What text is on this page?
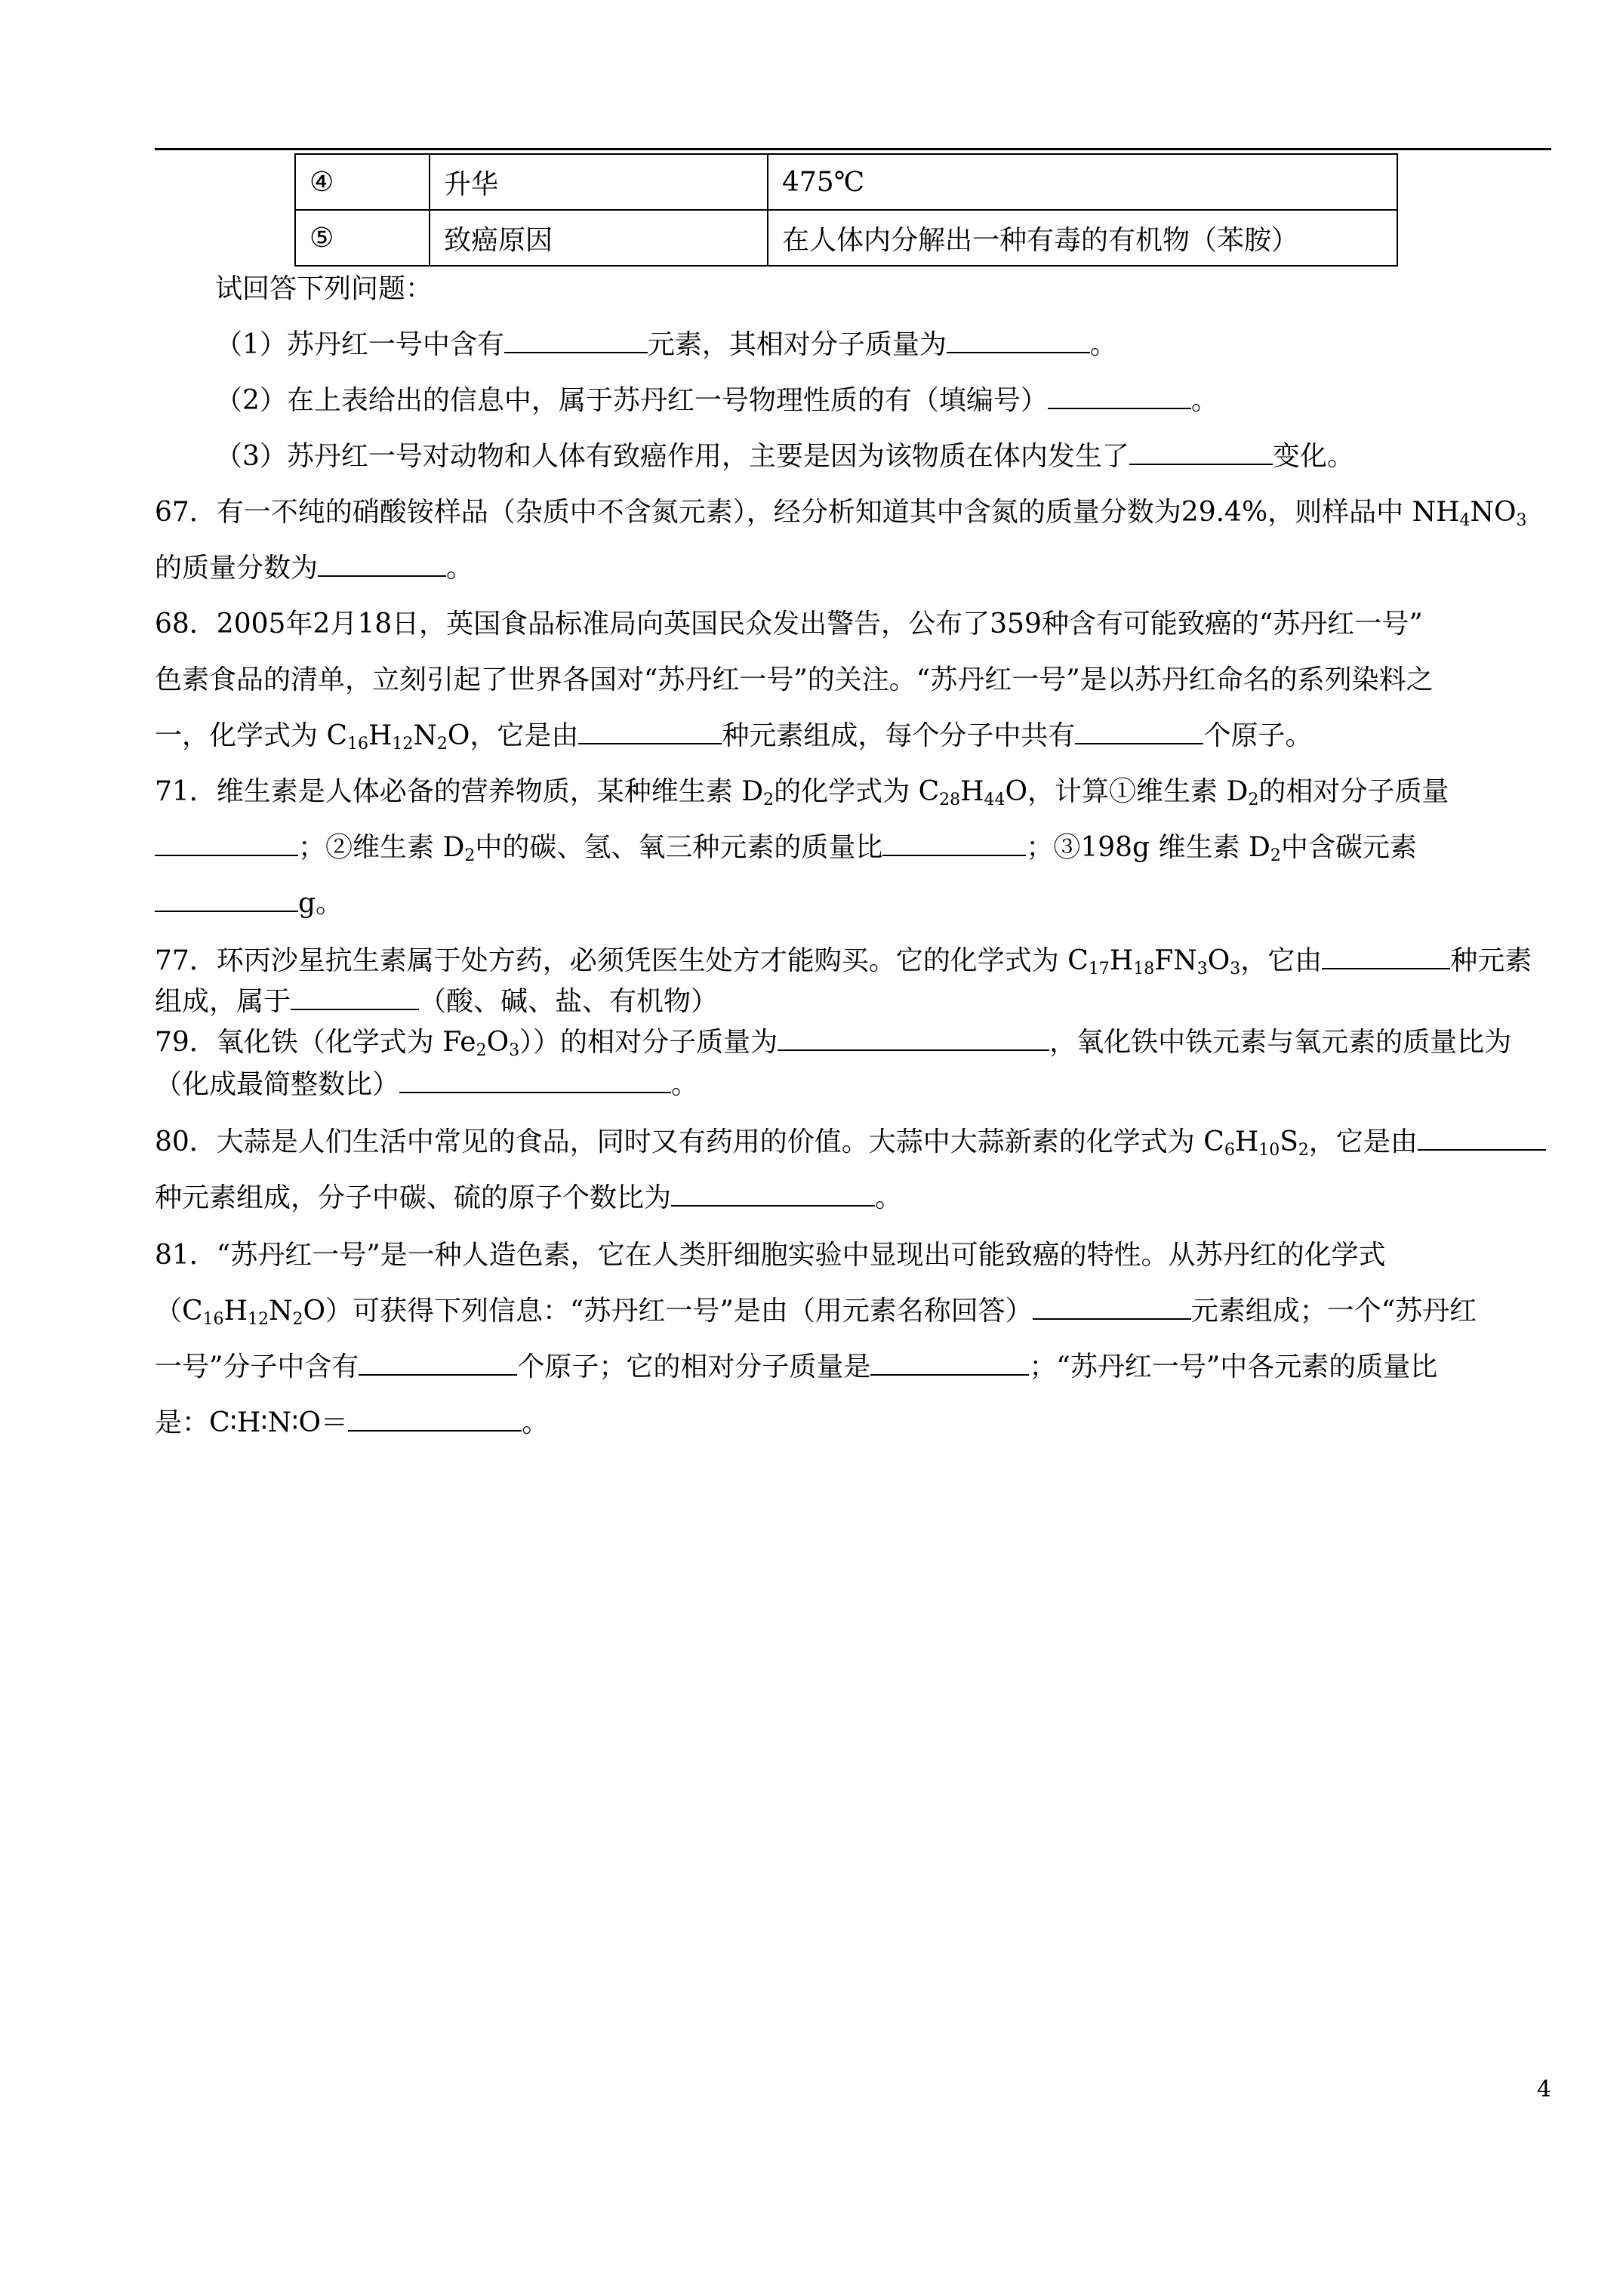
④	升华	475℃
⑤	致癌原因	在人体内分解出一种有毒的有机物（苯胺）
试回答下列问题：
（1）苏丹红一号中含有	元素，其相对分子质量为	。
（2）在上表给出的信息中，属于苏丹红一号物理性质的有（填编号）	。
（3）苏丹红一号对动物和人体有致癌作用，主要是因为该物质在体内发生了	变化。
67．有一不纯的硝酸铵样品（杂质中不含氮元素），经分析知道其中含氮的质量分数为29.4%，则样品中 $NH_4NO_3$
的质量分数为	。
68．2005年2月18日，英国食品标准局向英国民众发出警告，公布了359种含有可能致癌的“苏丹红一号”
色素食品的清单，立刻引起了世界各国对“苏丹红一号”的关注。“苏丹红一号”是以苏丹红命名的系列染料之
一，化学式为 $C_{16}H_{12}N_2O$，它是由	种元素组成，每个分子中共有	个原子。
71．维生素是人体必备的营养物质，某种维生素 $D_2$的化学式为 $C_{28}H_{44}O$，计算①维生素 $D_2$的相对分子质量
；②维生素 $D_2$中的碳、氢、氧三种元素的质量比	；③198g 维生素 $D_2$中含碳元素
g。
77．环丙沙星抗生素属于处方药，必须凭医生处方才能购买。它的化学式为 $C_{17}H_{18}FN_3O_3$，它由	种元素
组成，属于	（酸、碱、盐、有机物）
79．氧化铁（化学式为 $Fe_2O_3$））的相对分子质量为	，氧化铁中铁元素与氧元素的质量比为
（化成最简整数比）	。
80．大蒜是人们生活中常见的食品，同时又有药用的价值。大蒜中大蒜新素的化学式为 $C_6H_{10}S_2$，它是由
种元素组成，分子中碳、硫的原子个数比为	。
81．“苏丹红一号”是一种人造色素，它在人类肝细胞实验中显现出可能致癌的特性。从苏丹红的化学式
$(C_{16}H_{12}N_2O)$可获得下列信息：“苏丹红一号”是由（用元素名称回答）	元素组成；一个“苏丹红
一号”分子中含有	个原子；它的相对分子质量是	；“苏丹红一号”中各元素的质量比
是：C∶H∶N∶O＝	。
4
